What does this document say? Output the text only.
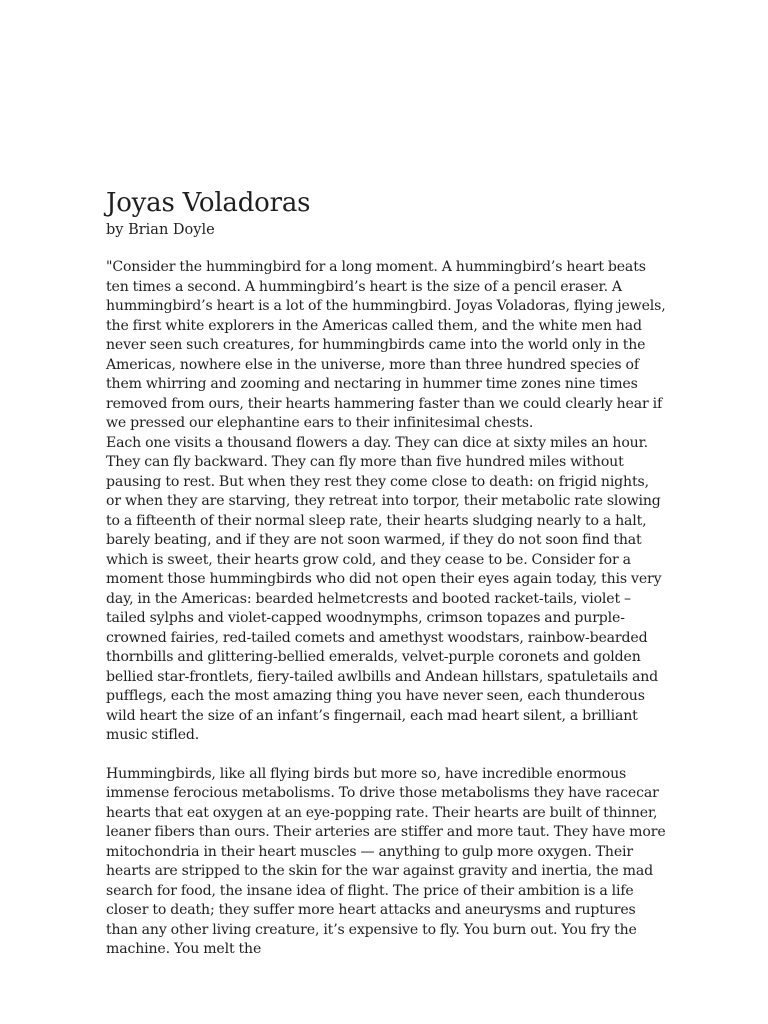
Joyas Voladoras

by Brian Doyle

"Consider the hummingbird for a long moment. A hummingbird’s heart beats ten times a second. A hummingbird’s heart is the size of a pencil eraser. A hummingbird’s heart is a lot of the hummingbird. Joyas Voladoras, flying jewels, the first white explorers in the Americas called them, and the white men had never seen such creatures, for hummingbirds came into the world only in the Americas, nowhere else in the universe, more than three hundred species of them whirring and zooming and nectaring in hummer time zones nine times removed from ours, their hearts hammering faster than we could clearly hear if we pressed our elephantine ears to their infinitesimal chests.

Each one visits a thousand flowers a day. They can dice at sixty miles an hour. They can fly backward. They can fly more than five hundred miles without pausing to rest. But when they rest they come close to death: on frigid nights, or when they are starving, they retreat into torpor, their metabolic rate slowing to a fifteenth of their normal sleep rate, their hearts sludging nearly to a halt, barely beating, and if they are not soon warmed, if they do not soon find that which is sweet, their hearts grow cold, and they cease to be. Consider for a moment those hummingbirds who did not open their eyes again today, this very day, in the Americas: bearded helmetcrests and booted racket-tails, violet –tailed sylphs and violet-capped woodnymphs, crimson topazes and purple-crowned fairies, red-tailed comets and amethyst woodstars, rainbow-bearded thornbills and glittering-bellied emeralds, velvet-purple coronets and golden bellied star-frontlets, fiery-tailed awlbills and Andean hillstars, spatuletails and pufflegs, each the most amazing thing you have never seen, each thunderous wild heart the size of an infant’s fingernail, each mad heart silent, a brilliant music stifled.

Hummingbirds, like all flying birds but more so, have incredible enormous immense ferocious metabolisms. To drive those metabolisms they have racecar hearts that eat oxygen at an eye-popping rate. Their hearts are built of thinner, leaner fibers than ours. Their arteries are stiffer and more taut. They have more mitochondria in their heart muscles — anything to gulp more oxygen. Their hearts are stripped to the skin for the war against gravity and inertia, the mad search for food, the insane idea of flight. The price of their ambition is a life closer to death; they suffer more heart attacks and aneurysms and ruptures than any other living creature, it’s expensive to fly. You burn out. You fry the machine. You melt the
